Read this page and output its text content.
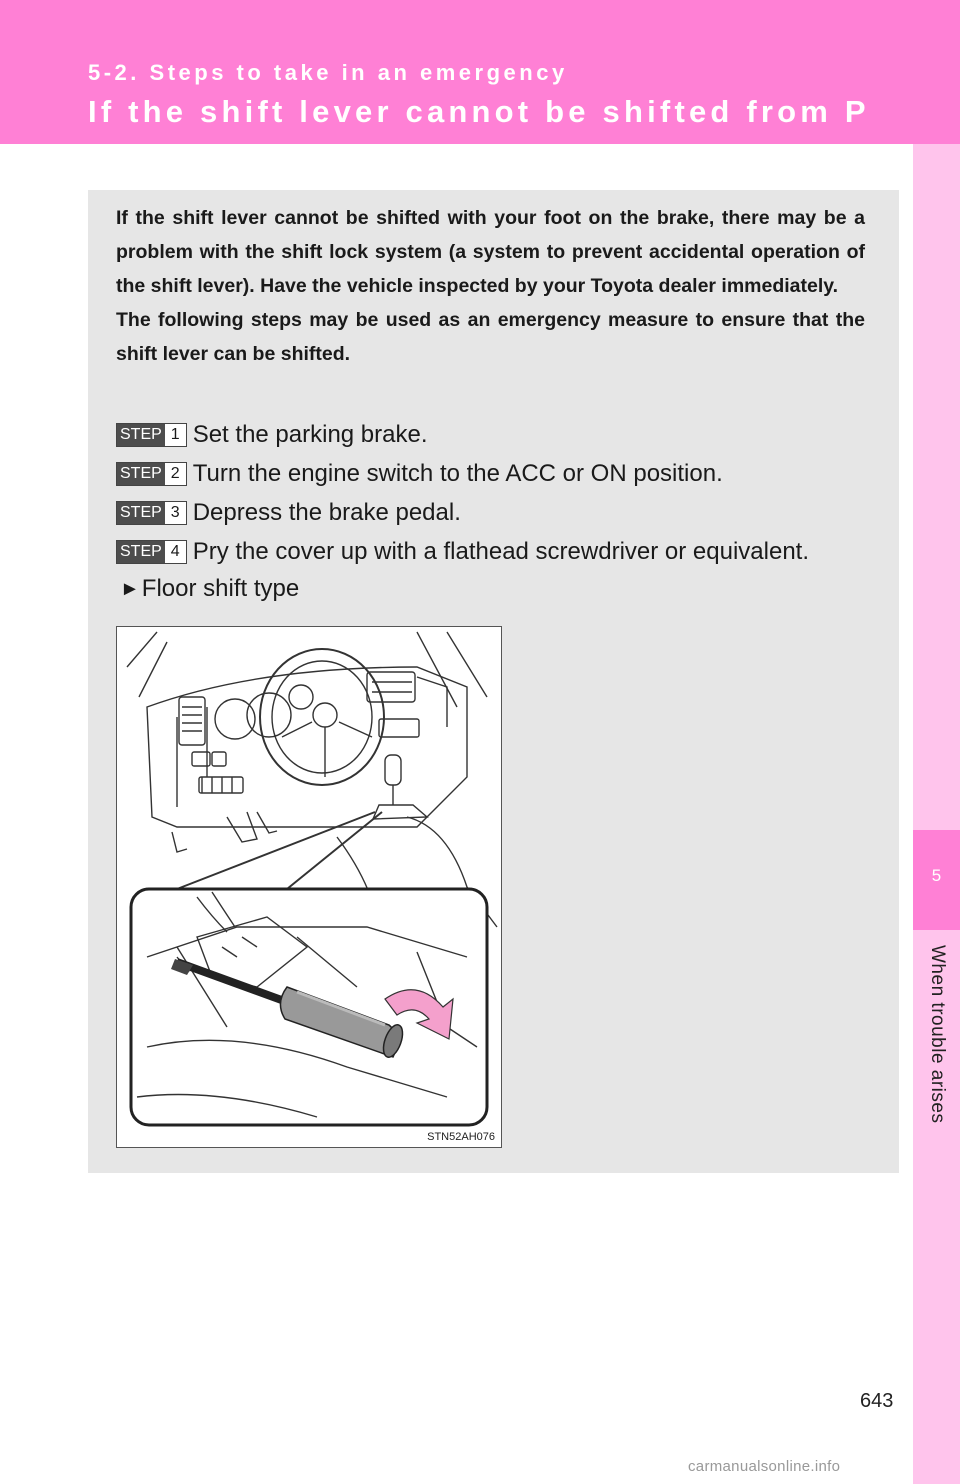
5-2. Steps to take in an emergency
If the shift lever cannot be shifted from P
5
When trouble arises

If the shift lever cannot be shifted with your foot on the brake, there may be a problem with the shift lock system (a system to prevent accidental operation of the shift lever). Have the vehicle inspected by your Toyota dealer immediately.

The following steps may be used as an emergency measure to ensure that the shift lever can be shifted.

STEP 1 Set the parking brake.
STEP 2 Turn the engine switch to the ACC or ON position.
STEP 3 Depress the brake pedal.
STEP 4 Pry the cover up with a flathead screwdriver or equivalent.
► Floor shift type
STN52AH076
643
carmanualsonline.info
